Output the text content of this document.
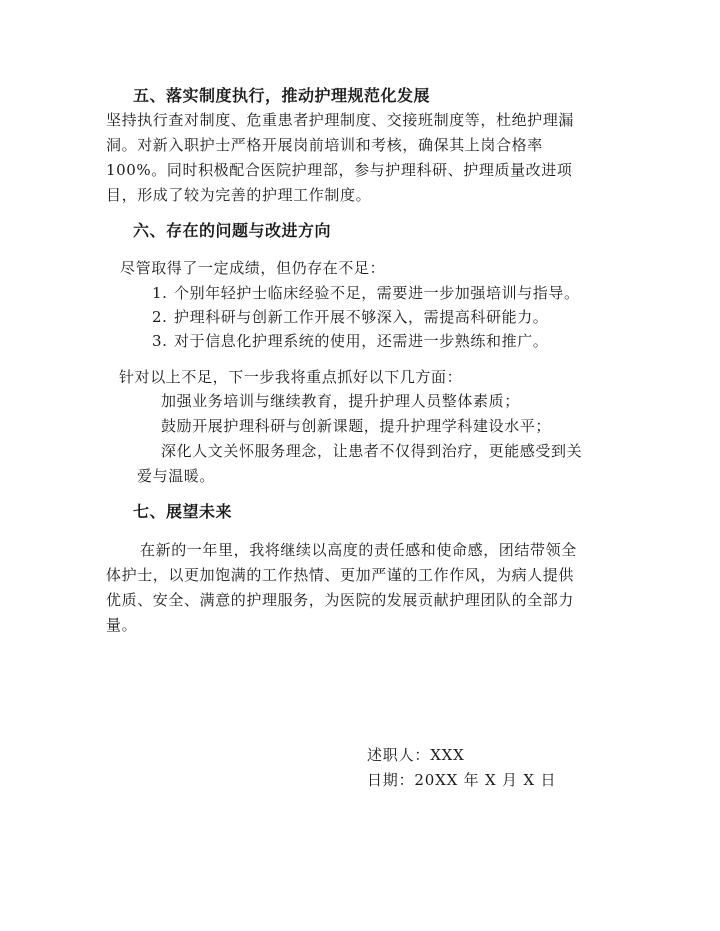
五、落实制度执行，推动护理规范化发展
坚持执行查对制度、危重患者护理制度、交接班制度等，杜绝护理漏
洞。对新入职护士严格开展岗前培训和考核，确保其上岗合格率
100%。同时积极配合医院护理部，参与护理科研、护理质量改进项
目，形成了较为完善的护理工作制度。
六、存在的问题与改进方向
尽管取得了一定成绩，但仍存在不足：
1. 个别年轻护士临床经验不足，需要进一步加强培训与指导。
2. 护理科研与创新工作开展不够深入，需提高科研能力。
3. 对于信息化护理系统的使用，还需进一步熟练和推广。
针对以上不足，下一步我将重点抓好以下几方面：
加强业务培训与继续教育，提升护理人员整体素质；
鼓励开展护理科研与创新课题，提升护理学科建设水平；
深化人文关怀服务理念，让患者不仅得到治疗，更能感受到关
爱与温暖。
七、展望未来
在新的一年里，我将继续以高度的责任感和使命感，团结带领全
体护士，以更加饱满的工作热情、更加严谨的工作作风，为病人提供
优质、安全、满意的护理服务，为医院的发展贡献护理团队的全部力
量。
述职人：XXX
日期：20XX 年 X 月 X 日
